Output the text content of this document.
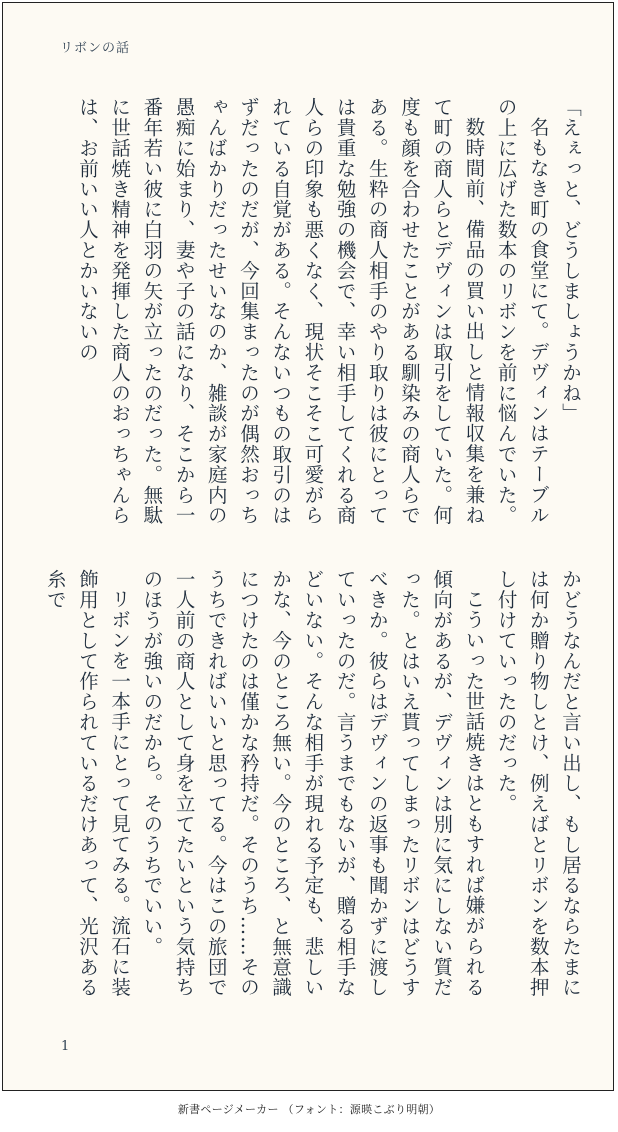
リボンの話

「えぇっと、どうしましょうかね」

名もなき町の食堂にて。デヴィンはテーブルの上に広げた数本のリボンを前に悩んでいた。

数時間前、備品の買い出しと情報収集を兼ねて町の商人らとデヴィンは取引をしていた。何度も顔を合わせたことがある馴染みの商人らである。生粋の商人相手のやり取りは彼にとっては貴重な勉強の機会で、幸い相手してくれる商人らの印象も悪くなく、現状そこそこ可愛がられている自覚がある。そんないつもの取引のはずだったのだが、今回集まったのが偶然おっちゃんばかりだったせいなのか、雑談が家庭内の愚痴に始まり、妻や子の話になり、そこから一番年若い彼に白羽の矢が立ったのだった。無駄に世話焼き精神を発揮した商人のおっちゃんらは、お前いい人とかいないの

かどうなんだと言い出し、もし居るならたまには何か贈り物しとけ、例えばとリボンを数本押し付けていったのだった。

こういった世話焼きはともすれば嫌がられる傾向があるが、デヴィンは別に気にしない質だった。とはいえ貰ってしまったリボンはどうすべきか。彼らはデヴィンの返事も聞かずに渡していったのだ。言うまでもないが、贈る相手などいない。そんな相手が現れる予定も、悲しいかな、今のところ無い。今のところ、と無意識につけたのは僅かな矜持だ。そのうち……そのうちできればいいと思ってる。今はこの旅団で一人前の商人として身を立てたいという気持ちのほうが強いのだから。そのうちでいい。

リボンを一本手にとって見てみる。流石に装飾用として作られているだけあって、光沢ある糸で

1
新書ページメーカー （フォント：源暎こぶり明朝）
